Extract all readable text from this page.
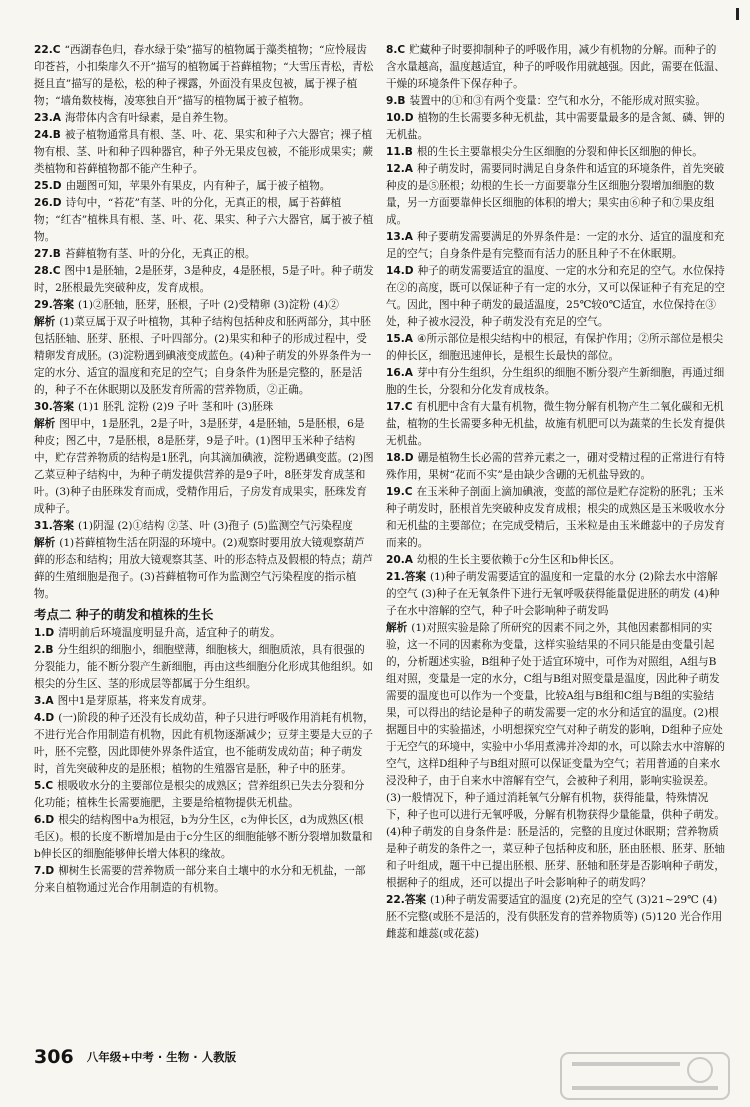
22.C “西湖春色归，春水绿于染”描写的植物属于藻类植物；“应怜屐齿印苍苔，小扣柴扉久不开”描写的植物属于苔藓植物；“大雪压青松，青松挺且直”描写的是松，松的种子裸露，外面没有果皮包被，属于裸子植物；“墙角数枝梅，凌寒独自开”描写的植物属于被子植物。

23.A 海带体内含有叶绿素，是自养生物。

24.B 被子植物通常具有根、茎、叶、花、果实和种子六大器官；裸子植物有根、茎、叶和种子四种器官，种子外无果皮包被，不能形成果实；蕨类植物和苔藓植物都不能产生种子。

25.D 由题图可知，苹果外有果皮，内有种子，属于被子植物。

26.D 诗句中，“苔花”有茎、叶的分化，无真正的根，属于苔藓植物；“红杏”植株具有根、茎、叶、花、果实、种子六大器官，属于被子植物。

27.B 苔藓植物有茎、叶的分化，无真正的根。

28.C 图中1是胚轴，2是胚芽，3是种皮，4是胚根，5是子叶。种子萌发时，2胚根最先突破种皮，发育成根。

29.答案 (1)②胚轴，胚芽，胚根，子叶 (2)受精卵 (3)淀粉 (4)②

解析 (1)菜豆属于双子叶植物，其种子结构包括种皮和胚两部分，其中胚包括胚轴、胚芽、胚根、子叶四部分。(2)果实和种子的形成过程中，受精卵发育成胚。(3)淀粉遇到碘液变成蓝色。(4)种子萌发的外界条件为一定的水分、适宜的温度和充足的空气；自身条件为胚是完整的，胚是活的，种子不在休眠期以及胚发育所需的营养物质，②正确。

30.答案 (1)1 胚乳 淀粉 (2)9 子叶 茎和叶 (3)胚珠

解析 图甲中，1是胚乳，2是子叶，3是胚芽，4是胚轴，5是胚根，6是种皮；图乙中，7是胚根，8是胚芽，9是子叶。(1)图甲玉米种子结构中，贮存营养物质的结构是1胚乳，向其滴加碘液，淀粉遇碘变蓝。(2)图乙菜豆种子结构中，为种子萌发提供营养的是9子叶，8胚芽发育成茎和叶。(3)种子由胚珠发育而成，受精作用后，子房发育成果实，胚珠发育成种子。

31.答案 (1)阴湿 (2)①结构 ②茎、叶 (3)孢子 (5)监测空气污染程度

解析 (1)苔藓植物生活在阴湿的环境中。(2)观察时要用放大镜观察葫芦藓的形态和结构；用放大镜观察其茎、叶的形态特点及假根的特点；葫芦藓的生殖细胞是孢子。(3)苔藓植物可作为监测空气污染程度的指示植物。

考点二 种子的萌发和植株的生长

1.D 清明前后环境温度明显升高，适宜种子的萌发。

2.B 分生组织的细胞小，细胞壁薄，细胞核大，细胞质浓，具有很强的分裂能力，能不断分裂产生新细胞，再由这些细胞分化形成其他组织。如根尖的分生区、茎的形成层等都属于分生组织。

3.A 图中1是芽原基，将来发育成芽。

4.D (一)阶段的种子还没有长成幼苗，种子只进行呼吸作用消耗有机物，不进行光合作用制造有机物，因此有机物逐渐减少；豆芽主要是大豆的子叶，胚不完整，因此即使外界条件适宜，也不能萌发成幼苗；种子萌发时，首先突破种皮的是胚根；植物的生殖器官是胚，种子中的胚芽。

5.C 根吸收水分的主要部位是根尖的成熟区；营养组织已失去分裂和分化功能；植株生长需要施肥，主要是给植物提供无机盐。

6.D 根尖的结构图中a为根冠，b为分生区，c为伸长区，d为成熟区(根毛区)。根的长度不断增加是由于c分生区的细胞能够不断分裂增加数量和b伸长区的细胞能够伸长增大体积的缘故。

7.D 柳树生长需要的营养物质一部分来自土壤中的水分和无机盐，一部分来自植物通过光合作用制造的有机物。

8.C 贮藏种子时要抑制种子的呼吸作用，减少有机物的分解。而种子的含水量越高，温度越适宜，种子的呼吸作用就越强。因此，需要在低温、干燥的环境条件下保存种子。

9.B 装置中的①和③有两个变量：空气和水分，不能形成对照实验。

10.D 植物的生长需要多种无机盐，其中需要量最多的是含氮、磷、钾的无机盐。

11.B 根的生长主要靠根尖分生区细胞的分裂和伸长区细胞的伸长。

12.A 种子萌发时，需要同时满足自身条件和适宜的环境条件，首先突破种皮的是⑤胚根；幼根的生长一方面要靠分生区细胞分裂增加细胞的数量，另一方面要靠伸长区细胞的体积的增大；果实由⑥种子和⑦果皮组成。

13.A 种子要萌发需要满足的外界条件是：一定的水分、适宜的温度和充足的空气；自身条件是有完整而有活力的胚且种子不在休眠期。

14.D 种子的萌发需要适宜的温度、一定的水分和充足的空气。水位保持在②的高度，既可以保证种子有一定的水分，又可以保证种子有充足的空气。因此，图中种子萌发的最适温度，25℃较0℃适宜，水位保持在③处，种子被水浸没，种子萌发没有充足的空气。

15.A ④所示部位是根尖结构中的根冠，有保护作用；②所示部位是根尖的伸长区，细胞迅速伸长，是根生长最快的部位。

16.A 芽中有分生组织，分生组织的细胞不断分裂产生新细胞，再通过细胞的生长，分裂和分化发育成枝条。

17.C 有机肥中含有大量有机物，微生物分解有机物产生二氧化碳和无机盐，植物的生长需要多种无机盐，故施有机肥可以为蔬菜的生长发育提供无机盐。

18.D 硼是植物生长必需的营养元素之一，硼对受精过程的正常进行有特殊作用，果树“花而不实”是由缺少含硼的无机盐导致的。

19.C 在玉米种子剖面上滴加碘液，变蓝的部位是贮存淀粉的胚乳；玉米种子萌发时，胚根首先突破种皮发育成根；根尖的成熟区是玉米吸收水分和无机盐的主要部位；在完成受精后，玉米粒是由玉米雌蕊中的子房发育而来的。

20.A 幼根的生长主要依赖于c分生区和b伸长区。

21.答案 (1)种子萌发需要适宜的温度和一定量的水分 (2)除去水中溶解的空气 (3)种子在无氧条件下进行无氧呼吸获得能量促进胚的萌发 (4)种子在水中溶解的空气，种子叶会影响种子萌发吗

解析 (1)对照实验是除了所研究的因素不同之外，其他因素都相同的实验，这一不同的因素称为变量，这样实验结果的不同只能是由变量引起的，分析题述实验，B组种子处于适宜环境中，可作为对照组，A组与B组对照，变量是一定的水分，C组与B组对照变量是温度，因此种子萌发需要的温度也可以作为一个变量，比较A组与B组和C组与B组的实验结果，可以得出的结论是种子的萌发需要一定的水分和适宜的温度。(2)根据题目中的实验描述，小明想探究空气对种子萌发的影响，D组种子应处于无空气的环境中，实验中小华用煮沸并冷却的水，可以除去水中溶解的空气，这样D组种子与B组对照可以保证变量为空气；若用普通的自来水浸没种子，由于自来水中溶解有空气，会被种子利用，影响实验误差。(3)一般情况下，种子通过消耗氧气分解有机物，获得能量，特殊情况下，种子也可以进行无氧呼吸，分解有机物获得少量能量，供种子萌发。(4)种子萌发的自身条件是：胚是活的，完整的且度过休眠期；营养物质是种子萌发的条件之一，菜豆种子包括种皮和胚，胚由胚根、胚芽、胚轴和子叶组成，题干中已提出胚根、胚芽、胚轴和胚芽是否影响种子萌发，根据种子的组成，还可以提出子叶会影响种子的萌发吗？

22.答案 (1)种子萌发需要适宜的温度 (2)充足的空气 (3)21~29℃ (4)胚不完整(或胚不是活的，没有供胚发育的营养物质等) (5)120 光合作用 雌蕊和雄蕊(或花蕊)

306 八年级+中考 · 生物 · 人教版
